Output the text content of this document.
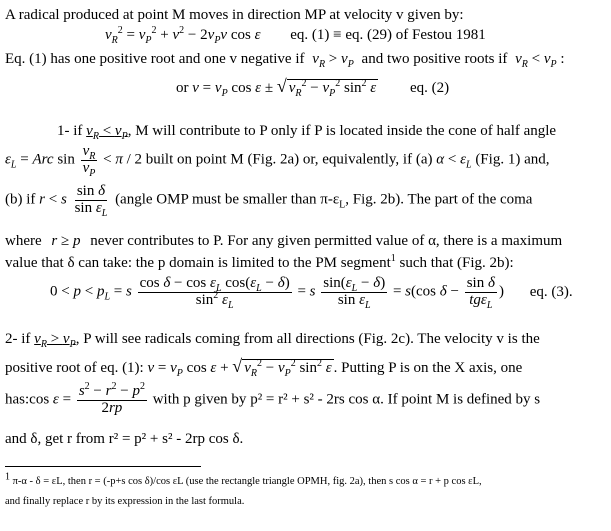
A radical produced at point M moves in direction MP at velocity v given by:
$v_R^2 = v_P^2 + v^2 - 2v_Pv$ cos ε eq. (1) ≡ eq. (29) of Festou 1981
Eq. (1) has one positive root and one v negative if $v_R > v_P$ and two positive roots if $v_R < v_P$ :
or $v = v_P$ cos ε ± √ $v_R^2 - v_P^2$ $\sin^2 \varepsilon$ eq. (2)
1- if $v_R < v_P$, M will contribute to P only if P is located inside the cone of half angle
$\varepsilon_L$ = Arc $\sin \frac{v_R}{v_P} < \pi / 2$ built on point M (Fig. 2a) or, equivalently, if (a) $\alpha < \varepsilon_L$ (Fig. 1) and,
(b) if r < s $\frac{\text{sin δ}}{\sin \varepsilon_L}$ (angle OMP must be smaller than $\pi-\varepsilon_L$, Fig. 2b). The part of the coma
where r ≥ p never contributes to P. For any given permitted value of α, there is a maximum
value that δ can take: the p domain is limited to the PM segment$^1$ such that (Fig. 2b):
$0 < p < p_L = s \frac{\cos \delta - \cos \varepsilon_L \cos(\varepsilon_L - \delta)}{\sin^2 \varepsilon_L} = s \frac{\sin(\varepsilon_L - \delta)}{\sin \varepsilon_L} = s(\cos$ $\delta - \frac{\text{sin δ}}{tg\varepsilon_L}$ ) eq. (3).
2- if $v_R > v_P$, P will see radicals coming from all directions (Fig. 2c). The velocity v is the
positive root of eq. (1): $v = v_P$ cos ε + √ $v_R^2 - v_P^2$ $\sin^2 \varepsilon$ . Putting P is on the X axis, one
has:cos $\varepsilon = \frac{s^2 - r^2 - p^2}{2rp}$ with p given by p² = r² + s² - 2rs cos α. If point M is defined by s
and δ, get r from r² = p² + s² - 2rp cos δ.
$^1$ π-α - δ = εL, then r = (-p+s cos δ)/cos εL (use the rectangle triangle OPMH, fig. 2a), then s cos α = r + p cos εL,
and finally replace r by its expression in the last formula.
